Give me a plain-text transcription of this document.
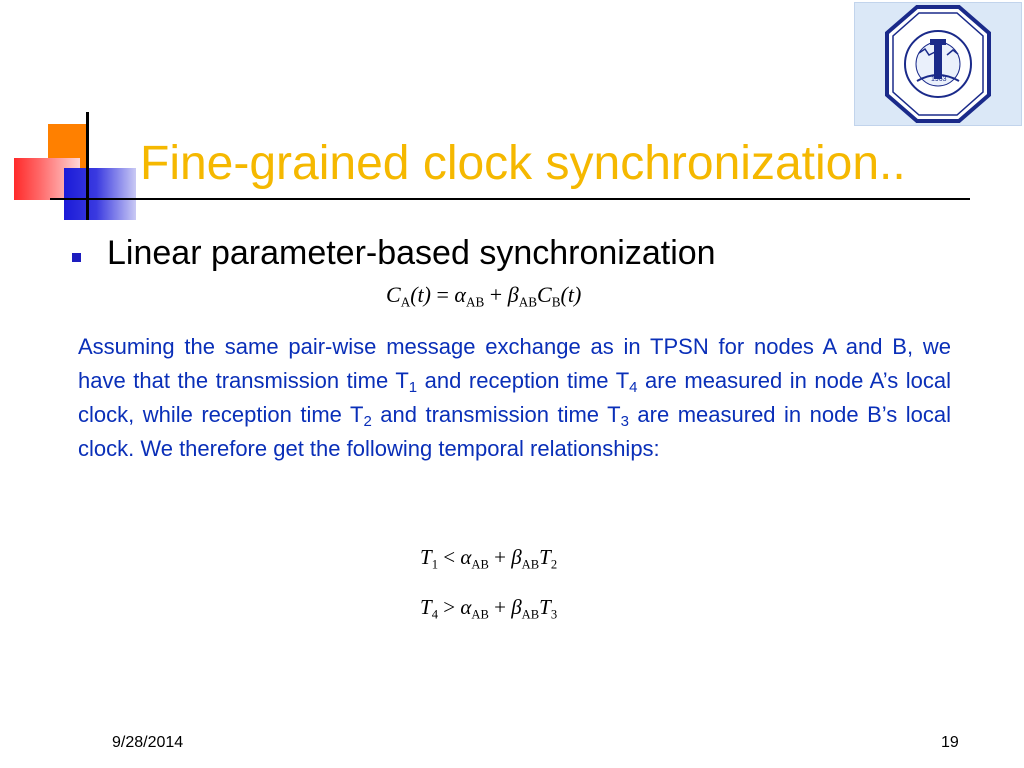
1963
Fine-grained clock synchronization..
Linear parameter-based synchronization
$C_A(t) = \alpha_{AB} + \beta_{AB}C_B(t)$
Assuming the same pair-wise message exchange as in TPSN for nodes A and B, we have that the transmission time $T_1$ and reception time $T_4$ are measured in node A’s local clock, while reception time $T_2$ and transmission time $T_3$ are measured in node B’s local clock. We therefore get the following temporal relationships:
$T_1 < \alpha_{AB} + \beta_{AB}T_2$
$T_4 > \alpha_{AB} + \beta_{AB}T_3$
9/28/2014	19
